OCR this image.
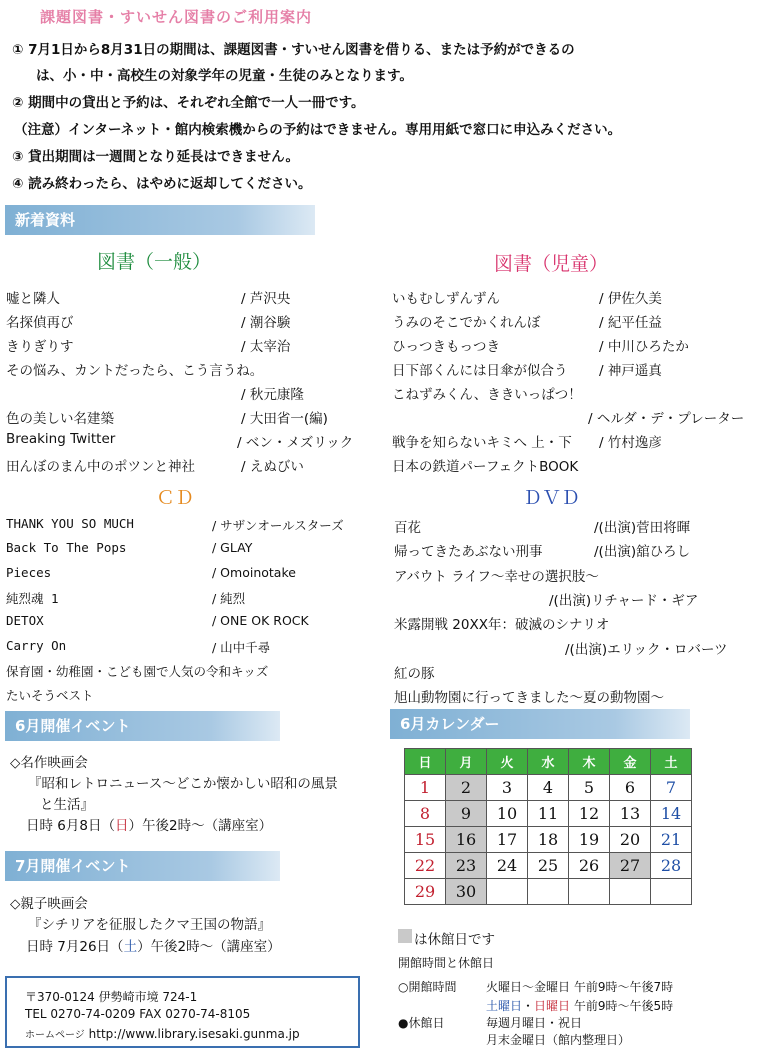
課題図書・すいせん図書のご利用案内
① 7月1日から8月31日の期間は、課題図書・すいせん図書を借りる、または予約ができるの
は、小・中・高校生の対象学年の児童・生徒のみとなります。
② 期間中の貸出と予約は、それぞれ全館で一人一冊です。
（注意）インターネット・館内検索機からの予約はできません。専用用紙で窓口に申込みください。
③ 貸出期間は一週間となり延長はできません。
④ 読み終わったら、はやめに返却してください。
新着資料
図書（一般）
嘘と隣人	/ 芦沢央
名探偵再び	/ 潮谷験
きりぎりす	/ 太宰治
その悩み、カントだったら、こう言うね。
/ 秋元康隆
色の美しい名建築	/ 大田省一(編)
Breaking Twitter	/ ベン・メズリック
田んぼのまん中のポツンと神社	/ えぬびい
図書（児童）
いもむしずんずん	/ 伊佐久美
うみのそこでかくれんぼ	/ 紀平任益
ひっつきもっつき	/ 中川ひろたか
日下部くんには日傘が似合う / 神戸遥真
こねずみくん、ききいっぱつ！
/ ヘルダ・デ・プレーター
戦争を知らないキミへ 上・下 / 竹村逸彦
日本の鉄道パーフェクトBOOK
ＣＤ
THANK YOU SO MUCH	/ サザンオールスターズ
Back To The Pops	/ GLAY
Pieces	/ Omoinotake
純烈魂 1	/ 純烈
DETOX	/ ONE OK ROCK
Carry On	/ 山中千尋
保育園・幼稚園・こども園で人気の令和キッズ
たいそうベスト
ＤＶＤ
百花	/(出演)菅田将暉
帰ってきたあぶない刑事	/(出演)舘ひろし
アバウト ライフ～幸せの選択肢～
/(出演)リチャード・ギア
米露開戦 20XX年：破滅のシナリオ
/(出演)エリック・ロバーツ
紅の豚
旭山動物園に行ってきました～夏の動物園～
6月開催イベント
◇名作映画会
『昭和レトロニュース～どこか懐かしい昭和の風景
と生活』
日時 6月8日（日）午後2時～（講座室）
7月開催イベント
◇親子映画会
『シチリアを征服したクマ王国の物語』
日時 7月26日（土）午後2時～（講座室）
6月カレンダー
日	月	火	水	木	金	土
1	2	3	4	5	6	7
8	9	10	11	12	13	14
15	16	17	18	19	20	21
22	23	24	25	26	27	28
29	30					
は休館日です
開館時間と休館日
○開館時間 火曜日～金曜日 午前9時～午後7時
土曜日・日曜日 午前9時～午後5時
●休館日	毎週月曜日・祝日
月末金曜日（館内整理日）
〒370-0124 伊勢崎市境 724-1
TEL 0270-74-0209 FAX 0270-74-8105
ホームページ http://www.library.isesaki.gunma.jp
